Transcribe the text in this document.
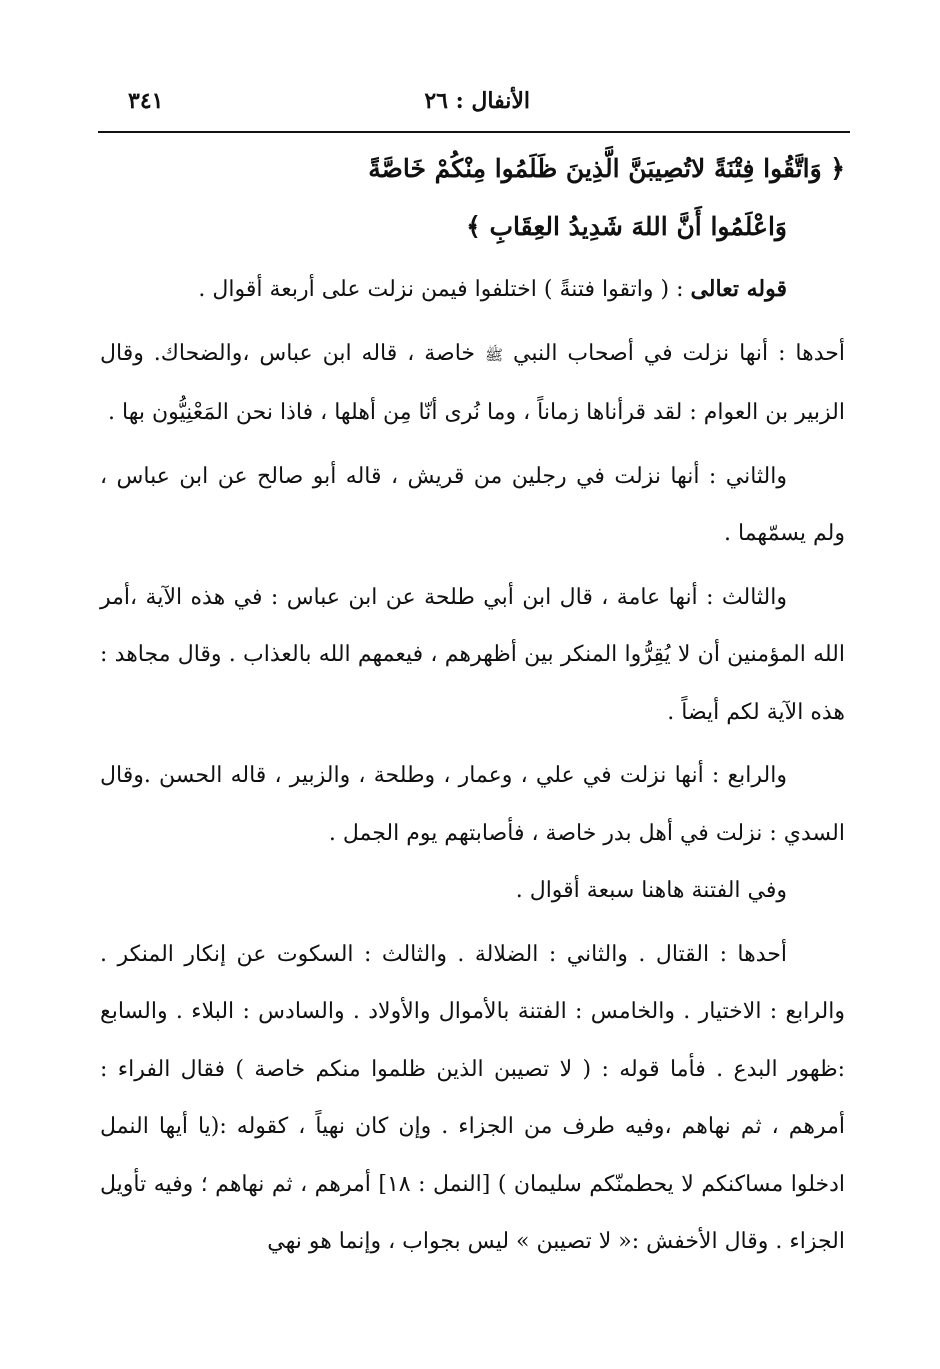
الأنفال : ٢٦
٣٤١

﴿ وَاتَّقُوا فِتْنَةً لاتُصِيبَنَّ الَّذِينَ ظَلَمُوا مِنْكُمْ خَاصَّةً

وَاعْلَمُوا أَنَّ اللهَ شَدِيدُ العِقَابِ ﴾

قوله تعالى : ( واتقوا فتنةً ) اختلفوا فيمن نزلت على أربعة أقوال .

أحدها : أنها نزلت في أصحاب النبي ﷺ خاصة ، قاله ابن عباس ،والضحاك. وقال الزبير بن العوام : لقد قرأناها زماناً ، وما نُرى أنّا مِن أهلها ، فاذا نحن المَعْنِيُّون بها .

والثاني : أنها نزلت في رجلين من قريش ، قاله أبو صالح عن ابن عباس ، ولم يسمّهما .

والثالث : أنها عامة ، قال ابن أبي طلحة عن ابن عباس : في هذه الآية ،أمر الله المؤمنين أن لا يُقِرُّوا المنكر بين أظهرهم ، فيعمهم الله بالعذاب . وقال مجاهد : هذه الآية لكم أيضاً .

والرابع : أنها نزلت في علي ، وعمار ، وطلحة ، والزبير ، قاله الحسن .وقال السدي : نزلت في أهل بدر خاصة ، فأصابتهم يوم الجمل .

وفي الفتنة هاهنا سبعة أقوال .

أحدها : القتال . والثاني : الضلالة . والثالث : السكوت عن إنكار المنكر . والرابع : الاختيار . والخامس : الفتنة بالأموال والأولاد . والسادس : البلاء . والسابع :ظهور البدع . فأما قوله : ( لا تصيبن الذين ظلموا منكم خاصة ) فقال الفراء : أمرهم ، ثم نهاهم ،وفيه طرف من الجزاء . وإن كان نهياً ، كقوله :(يا أيها النمل ادخلوا مساكنكم لا يحطمنّكم سليمان ) [النمل : ١٨] أمرهم ، ثم نهاهم ؛ وفيه تأويل الجزاء . وقال الأخفش :« لا تصيبن » ليس بجواب ، وإنما هو نهي
